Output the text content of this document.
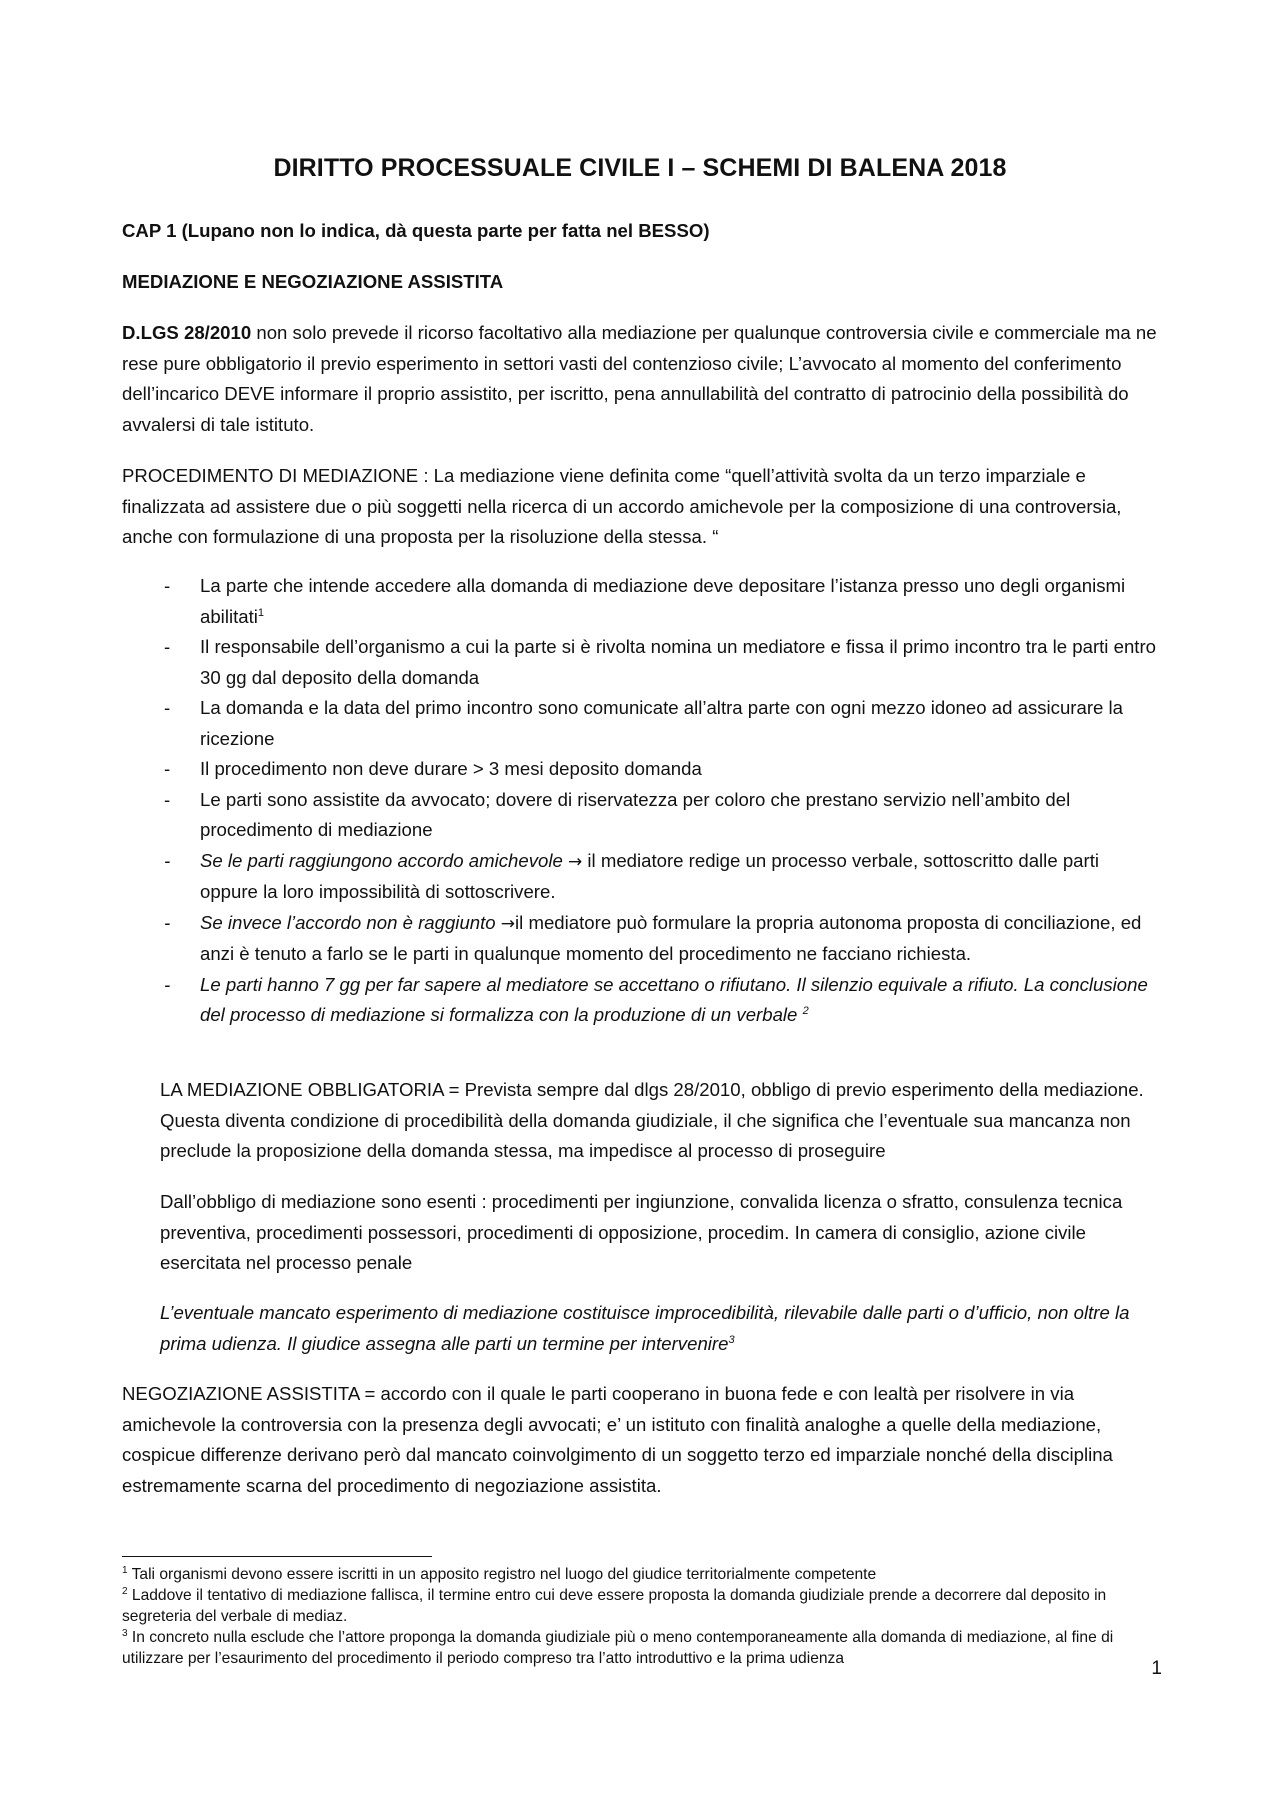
DIRITTO PROCESSUALE CIVILE I – SCHEMI DI BALENA 2018
CAP 1 (Lupano non lo indica, dà questa parte per fatta nel BESSO)
MEDIAZIONE E NEGOZIAZIONE ASSISTITA
D.LGS 28/2010 non solo prevede il ricorso facoltativo alla mediazione per qualunque controversia civile e commerciale ma ne rese pure obbligatorio il previo esperimento in settori vasti del contenzioso civile; L’avvocato al momento del conferimento dell’incarico DEVE informare il proprio assistito, per iscritto, pena annullabilità del contratto di patrocinio della possibilità do avvalersi di tale istituto.
PROCEDIMENTO DI MEDIAZIONE : La mediazione viene definita come “quell’attività svolta da un terzo imparziale e finalizzata ad assistere due o più soggetti nella ricerca di un accordo amichevole per la composizione di una controversia, anche con formulazione di una proposta per la risoluzione della stessa. “
- La parte che intende accedere alla domanda di mediazione deve depositare l’istanza presso uno degli organismi abilitati$^1$
- Il responsabile dell’organismo a cui la parte si è rivolta nomina un mediatore e fissa il primo incontro tra le parti entro 30 gg dal deposito della domanda
- La domanda e la data del primo incontro sono comunicate all’altra parte con ogni mezzo idoneo ad assicurare la ricezione
- Il procedimento non deve durare > 3 mesi deposito domanda
- Le parti sono assistite da avvocato; dovere di riservatezza per coloro che prestano servizio nell’ambito del procedimento di mediazione
- Se le parti raggiungono accordo amichevole → il mediatore redige un processo verbale, sottoscritto dalle parti oppure la loro impossibilità di sottoscrivere.
- Se invece l’accordo non è raggiunto →il mediatore può formulare la propria autonoma proposta di conciliazione, ed anzi è tenuto a farlo se le parti in qualunque momento del procedimento ne facciano richiesta.
- Le parti hanno 7 gg per far sapere al mediatore se accettano o rifiutano. Il silenzio equivale a rifiuto. La conclusione del processo di mediazione si formalizza con la produzione di un verbale $^2$
LA MEDIAZIONE OBBLIGATORIA = Prevista sempre dal dlgs 28/2010, obbligo di previo esperimento della mediazione. Questa diventa condizione di procedibilità della domanda giudiziale, il che significa che l’eventuale sua mancanza non preclude la proposizione della domanda stessa, ma impedisce al processo di proseguire
Dall’obbligo di mediazione sono esenti : procedimenti per ingiunzione, convalida licenza o sfratto, consulenza tecnica preventiva, procedimenti possessori, procedimenti di opposizione, procedim. In camera di consiglio, azione civile esercitata nel processo penale
L’eventuale mancato esperimento di mediazione costituisce improcedibilità, rilevabile dalle parti o d’ufficio, non oltre la prima udienza. Il giudice assegna alle parti un termine per intervenire$^3$
NEGOZIAZIONE ASSISTITA = accordo con il quale le parti cooperano in buona fede e con lealtà per risolvere in via amichevole la controversia con la presenza degli avvocati; e’ un istituto con finalità analoghe a quelle della mediazione, cospicue differenze derivano però dal mancato coinvolgimento di un soggetto terzo ed imparziale nonché della disciplina estremamente scarna del procedimento di negoziazione assistita.

$^1$ Tali organismi devono essere iscritti in un apposito registro nel luogo del giudice territorialmente competente

$^2$ Laddove il tentativo di mediazione fallisca, il termine entro cui deve essere proposta la domanda giudiziale prende a decorrere dal deposito in segreteria del verbale di mediaz.

$^3$ In concreto nulla esclude che l’attore proponga la domanda giudiziale più o meno contemporaneamente alla domanda di mediazione, al fine di utilizzare per l’esaurimento del procedimento il periodo compreso tra l’atto introduttivo e la prima udienza	1
